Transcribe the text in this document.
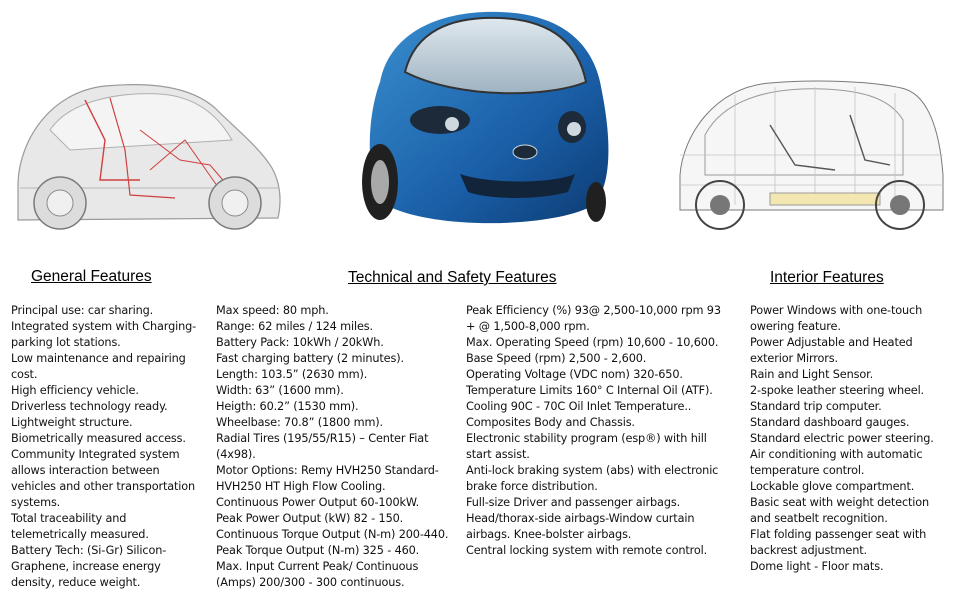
General Features	Technical and Safety Features	Interior Features
Principal use: car sharing.
Integrated system with Charging-parking lot stations.
Low maintenance and repairing cost.
High efficiency vehicle.
Driverless technology ready.
Lightweight structure.
Biometrically measured access.
Community Integrated system allows interaction between vehicles and other transportation systems.
Total traceability and telemetrically measured.
Battery Tech: (Si-Gr) Silicon-Graphene, increase energy density, reduce weight.
Max speed: 80 mph.
Range: 62 miles / 124 miles.
Battery Pack: 10kWh / 20kWh.
Fast charging battery (2 minutes).
Length: 103.5” (2630 mm).
Width: 63” (1600 mm).
Heigth: 60.2” (1530 mm).
Wheelbase: 70.8” (1800 mm).
Radial Tires (195/55/R15) – Center Fiat (4x98).
Motor Options: Remy HVH250 Standard-HVH250 HT High Flow Cooling.
Continuous Power Output 60-100kW.
Peak Power Output (kW) 82 - 150.
Continuous Torque Output (N-m) 200-440.
Peak Torque Output (N-m) 325 - 460.
Max. Input Current Peak/ Continuous (Amps) 200/300 - 300 continuous.
Peak Efficiency (%) 93@ 2,500-10,000 rpm 93 + @ 1,500-8,000 rpm.
Max. Operating Speed (rpm) 10,600 - 10,600.
Base Speed (rpm) 2,500 - 2,600.
Operating Voltage (VDC nom) 320-650.
Temperature Limits 160° C Internal Oil (ATF).
Cooling 90C - 70C Oil Inlet Temperature..
Composites Body and Chassis.
Electronic stability program (esp®) with hill start assist.
Anti-lock braking system (abs) with electronic brake force distribution.
Full-size Driver and passenger airbags.
Head/thorax-side airbags-Window curtain airbags. Knee-bolster airbags.
Central locking system with remote control.
Power Windows with one-touch owering feature.
Power Adjustable and Heated exterior Mirrors.
Rain and Light Sensor.
2-spoke leather steering wheel.
Standard trip computer.
Standard dashboard gauges.
Standard electric power steering.
Air conditioning with automatic temperature control.
Lockable glove compartment.
Basic seat with weight detection and seatbelt recognition.
Flat folding passenger seat with backrest adjustment.
Dome light - Floor mats.
